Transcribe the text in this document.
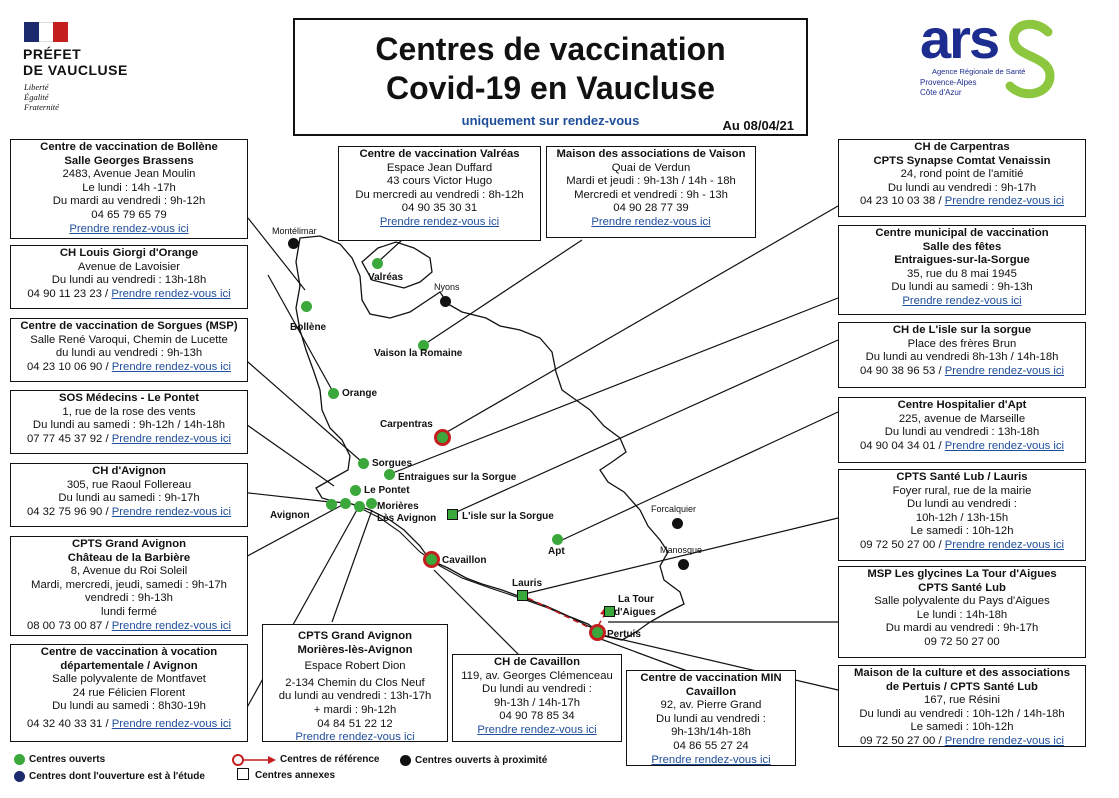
PRÉFET
DE VAUCLUSE
Liberté
Égalité
Fraternité
Centres de vaccination
Covid-19 en Vaucluse
uniquement sur rendez-vous	Au 08/04/21
ars
Agence Régionale de Santé
Provence-Alpes
Côte d'Azur
Centre de vaccination de Bollène
Salle Georges Brassens
2483, Avenue Jean Moulin
Le lundi : 14h -17h
Du mardi au vendredi : 9h-12h
04 65 79 65 79
Prendre rendez-vous ici
CH Louis Giorgi d'Orange
Avenue de Lavoisier
Du lundi au vendredi : 13h-18h
04 90 11 23 23 / Prendre rendez-vous ici
Centre de vaccination de Sorgues (MSP)
Salle René Varoqui, Chemin de Lucette
du lundi au vendredi : 9h-13h
04 23 10 06 90 / Prendre rendez-vous ici
SOS Médecins - Le Pontet
1, rue de la rose des vents
Du lundi au samedi : 9h-12h / 14h-18h
07 77 45 37 92 / Prendre rendez-vous ici
CH d'Avignon
305, rue Raoul Follereau
Du lundi au samedi : 9h-17h
04 32 75 96 90 / Prendre rendez-vous ici
CPTS Grand Avignon
Château de la Barbière
8, Avenue du Roi Soleil
Mardi, mercredi, jeudi, samedi : 9h-17h
vendredi : 9h-13h
lundi fermé
08 00 73 00 87 / Prendre rendez-vous ici
Centre de vaccination à vocation
départementale / Avignon
Salle polyvalente de Montfavet
24 rue Félicien Florent
Du lundi au samedi : 8h30-19h
04 32 40 33 31 / Prendre rendez-vous ici
Centre de vaccination Valréas
Espace Jean Duffard
43 cours Victor Hugo
Du mercredi au vendredi : 8h-12h
04 90 35 30 31
Prendre rendez-vous ici
Maison des associations de Vaison
Quai de Verdun
Mardi et jeudi : 9h-13h / 14h - 18h
Mercredi et vendredi : 9h - 13h
04 90 28 77 39
Prendre rendez-vous ici
CH de Carpentras
CPTS Synapse Comtat Venaissin
24, rond point de l'amitié
Du lundi au vendredi : 9h-17h
04 23 10 03 38 / Prendre rendez-vous ici
Centre municipal de vaccination
Salle des fêtes
Entraigues-sur-la-Sorgue
35, rue du 8 mai 1945
Du lundi au samedi : 9h-13h
Prendre rendez-vous ici
CH de L'isle sur la sorgue
Place des frères Brun
Du lundi au vendredi 8h-13h / 14h-18h
04 90 38 96 53 / Prendre rendez-vous ici
Centre Hospitalier d'Apt
225, avenue de Marseille
Du lundi au vendredi : 13h-18h
04 90 04 34 01 / Prendre rendez-vous ici
CPTS Santé Lub / Lauris
Foyer rural, rue de la mairie
Du lundi au vendredi :
10h-12h / 13h-15h
Le samedi : 10h-12h
09 72 50 27 00 / Prendre rendez-vous ici
MSP Les glycines La Tour d'Aigues
CPTS Santé Lub
Salle polyvalente du Pays d'Aigues
Le lundi : 14h-18h
Du mardi au vendredi : 9h-17h
09 72 50 27 00
Maison de la culture et des associations
de Pertuis / CPTS Santé Lub
167, rue Résini
Du lundi au vendredi : 10h-12h / 14h-18h
Le samedi : 10h-12h
09 72 50 27 00 / Prendre rendez-vous ici
CPTS Grand Avignon
Morières-lès-Avignon
Espace Robert Dion
2-134 Chemin du Clos Neuf
du lundi au vendredi : 13h-17h
+ mardi : 9h-12h
04 84 51 22 12
Prendre rendez-vous ici
CH de Cavaillon
119, av. Georges Clémenceau
Du lundi au vendredi :
9h-13h / 14h-17h
04 90 78 85 34
Prendre rendez-vous ici
Centre de vaccination MIN
Cavaillon
92, av. Pierre Grand
Du lundi au vendredi :
9h-13h/14h-18h
04 86 55 27 24
Prendre rendez-vous ici
Montélimar
Valréas
Nyons
Bollène
Vaison la Romaine
Orange
Carpentras
Sorgues
Entraigues sur la Sorgue
Le Pontet
Avignon
Morières
Lès Avignon	L'isle sur la Sorgue
Forcalquier
Apt	Manosque
Cavaillon
Lauris
La Tour
d'Aigues
Pertuis
Centres ouverts
Centres dont l'ouverture est à l'étude
Centres de référence
Centres annexes
Centres ouverts à proximité
